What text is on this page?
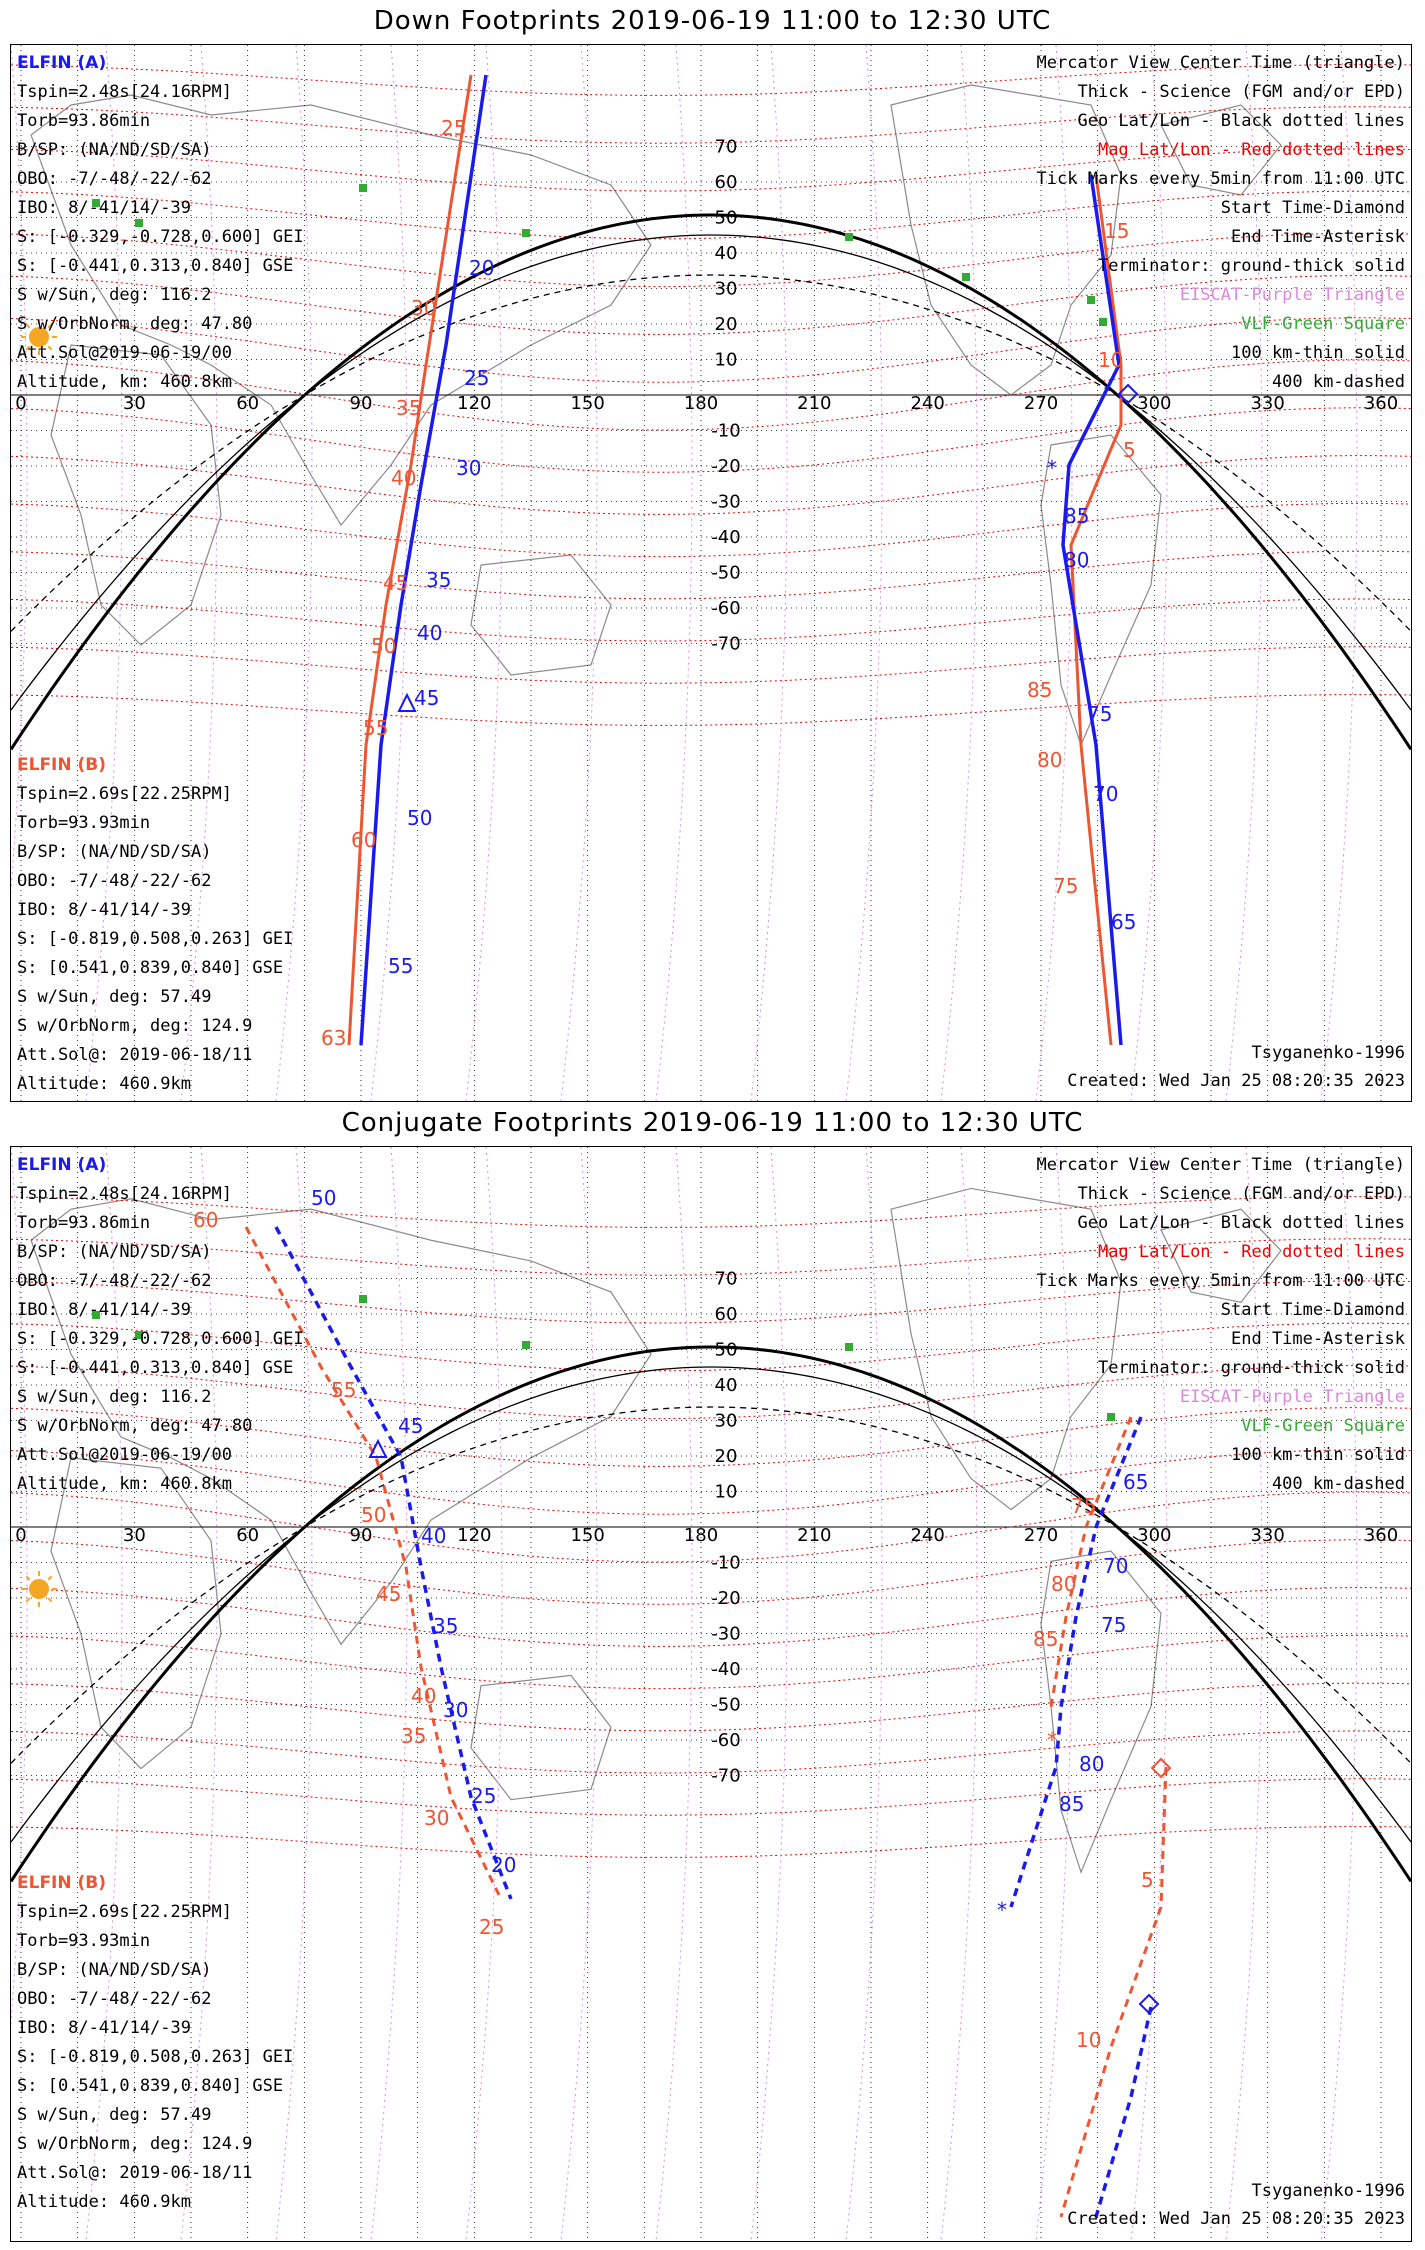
Down Footprints 2019-06-19 11:00 to 12:30 UTC
0	30	60	90	120	150	180	210	240	270	300	330	360
70
60
50
40
30
20
10
-10
-20
-30
-40
-50
-60
-70
*
20
25
30
35
40
45
50
55
85
80
75
70
65
25
30
35
40
45
50
55
60
63
15
10
5
85
80
75
ELFIN (A)
Tspin=2.48s[24.16RPM]
Torb=93.86min
B/SP: (NA/ND/SD/SA)
OBO: -7/-48/-22/-62
IBO: 8/-41/14/-39
S: [-0.329,-0.728,0.600] GEI
S: [-0.441,0.313,0.840] GSE
S w/Sun, deg: 116.2
S w/OrbNorm, deg: 47.80
Att.Sol@2019-06-19/00
Altitude, km: 460.8km
ELFIN (B)
Tspin=2.69s[22.25RPM]
Torb=93.93min
B/SP: (NA/ND/SD/SA)
OBO: -7/-48/-22/-62
IBO: 8/-41/14/-39
S: [-0.819,0.508,0.263] GEI
S: [0.541,0.839,0.840] GSE
S w/Sun, deg: 57.49
S w/OrbNorm, deg: 124.9
Att.Sol@: 2019-06-18/11
Altitude: 460.9km
Mercator View Center Time (triangle)
Thick - Science (FGM and/or EPD)
Geo Lat/Lon - Black dotted lines
Mag Lat/Lon - Red dotted lines
Tick Marks every 5min from 11:00 UTC
Start Time-Diamond
End Time-Asterisk
Terminator: ground-thick solid
EISCAT-Purple Triangle
VLF-Green Square
100 km-thin solid
400 km-dashed
Tsyganenko-1996
Created: Wed Jan 25 08:20:35 2023
Conjugate Footprints 2019-06-19 11:00 to 12:30 UTC
0	30	60	90	120	150	180	210	240	270	300	330	360
70
60
50
40
30
20
10
-10
-20
-30
-40
-50
-60
-70
*
*
50
45
40
35
30
25
20
65
70
75
80
85
60
55
50
45
40
35
30
25
75
80
85
5
10
ELFIN (A)
Tspin=2.48s[24.16RPM]
Torb=93.86min
B/SP: (NA/ND/SD/SA)
OBO: -7/-48/-22/-62
IBO: 8/-41/14/-39
S: [-0.329,-0.728,0.600] GEI
S: [-0.441,0.313,0.840] GSE
S w/Sun, deg: 116.2
S w/OrbNorm, deg: 47.80
Att.Sol@2019-06-19/00
Altitude, km: 460.8km
ELFIN (B)
Tspin=2.69s[22.25RPM]
Torb=93.93min
B/SP: (NA/ND/SD/SA)
OBO: -7/-48/-22/-62
IBO: 8/-41/14/-39
S: [-0.819,0.508,0.263] GEI
S: [0.541,0.839,0.840] GSE
S w/Sun, deg: 57.49
S w/OrbNorm, deg: 124.9
Att.Sol@: 2019-06-18/11
Altitude: 460.9km
Mercator View Center Time (triangle)
Thick - Science (FGM and/or EPD)
Geo Lat/Lon - Black dotted lines
Mag Lat/Lon - Red dotted lines
Tick Marks every 5min from 11:00 UTC
Start Time-Diamond
End Time-Asterisk
Terminator: ground-thick solid
EISCAT-Purple Triangle
VLF-Green Square
100 km-thin solid
400 km-dashed
Tsyganenko-1996
Created: Wed Jan 25 08:20:35 2023
